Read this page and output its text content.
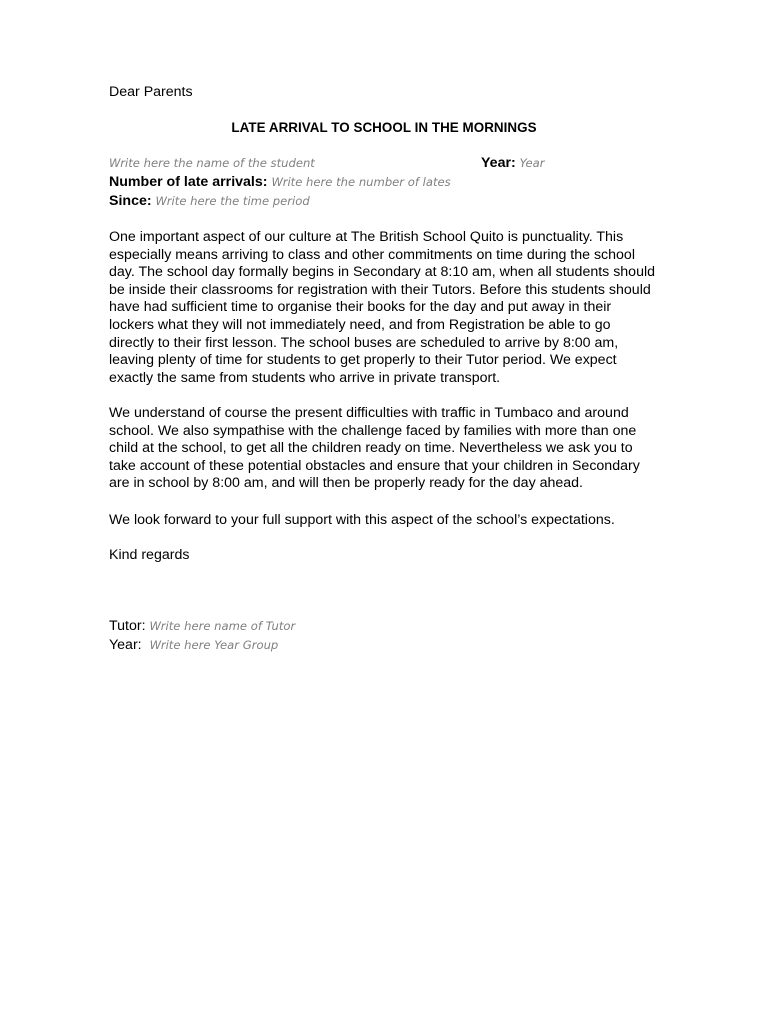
Dear Parents
LATE ARRIVAL TO SCHOOL IN THE MORNINGS
Write here the name of the student	Year: Year
Number of late arrivals: Write here the number of lates
Since: Write here the time period
One important aspect of our culture at The British School Quito is punctuality. This
especially means arriving to class and other commitments on time during the school
day. The school day formally begins in Secondary at 8:10 am, when all students should
be inside their classrooms for registration with their Tutors. Before this students should
have had sufficient time to organise their books for the day and put away in their
lockers what they will not immediately need, and from Registration be able to go
directly to their first lesson. The school buses are scheduled to arrive by 8:00 am,
leaving plenty of time for students to get properly to their Tutor period. We expect
exactly the same from students who arrive in private transport.
We understand of course the present difficulties with traffic in Tumbaco and around
school. We also sympathise with the challenge faced by families with more than one
child at the school, to get all the children ready on time. Nevertheless we ask you to
take account of these potential obstacles and ensure that your children in Secondary
are in school by 8:00 am, and will then be properly ready for the day ahead.
We look forward to your full support with this aspect of the school’s expectations.
Kind regards
Tutor: Write here name of Tutor
Year: Write here Year Group
